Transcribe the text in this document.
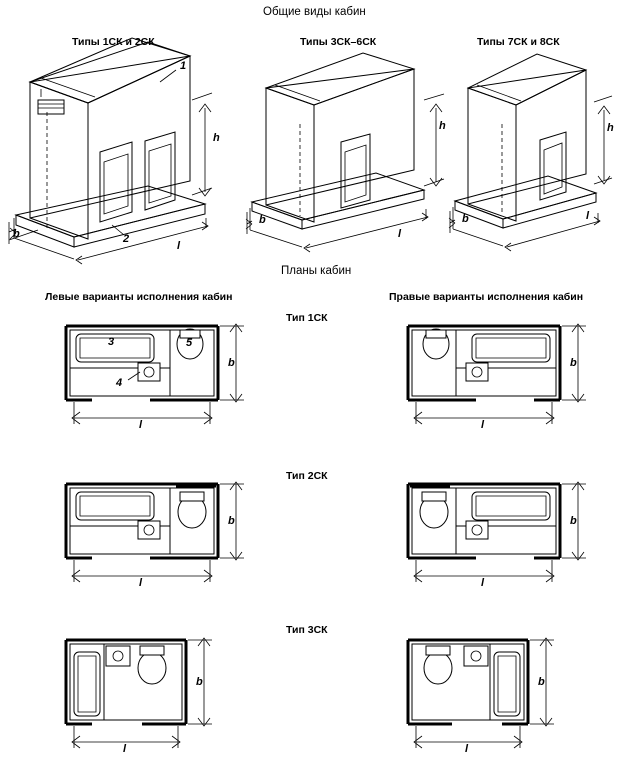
Общие виды кабин
Планы кабин
Типы 1СК и 2СК	Типы 3СК–6СК	Типы 7СК и 8СК
Левые варианты исполнения кабин	Правые варианты исполнения кабин
Тип 1СК
Тип 2СК
Тип 3СК
h
b
l
1
2
h
b
l
h
b	l
3	5
4
b
l
b
l
b
l
b
l
b
l
b
l
